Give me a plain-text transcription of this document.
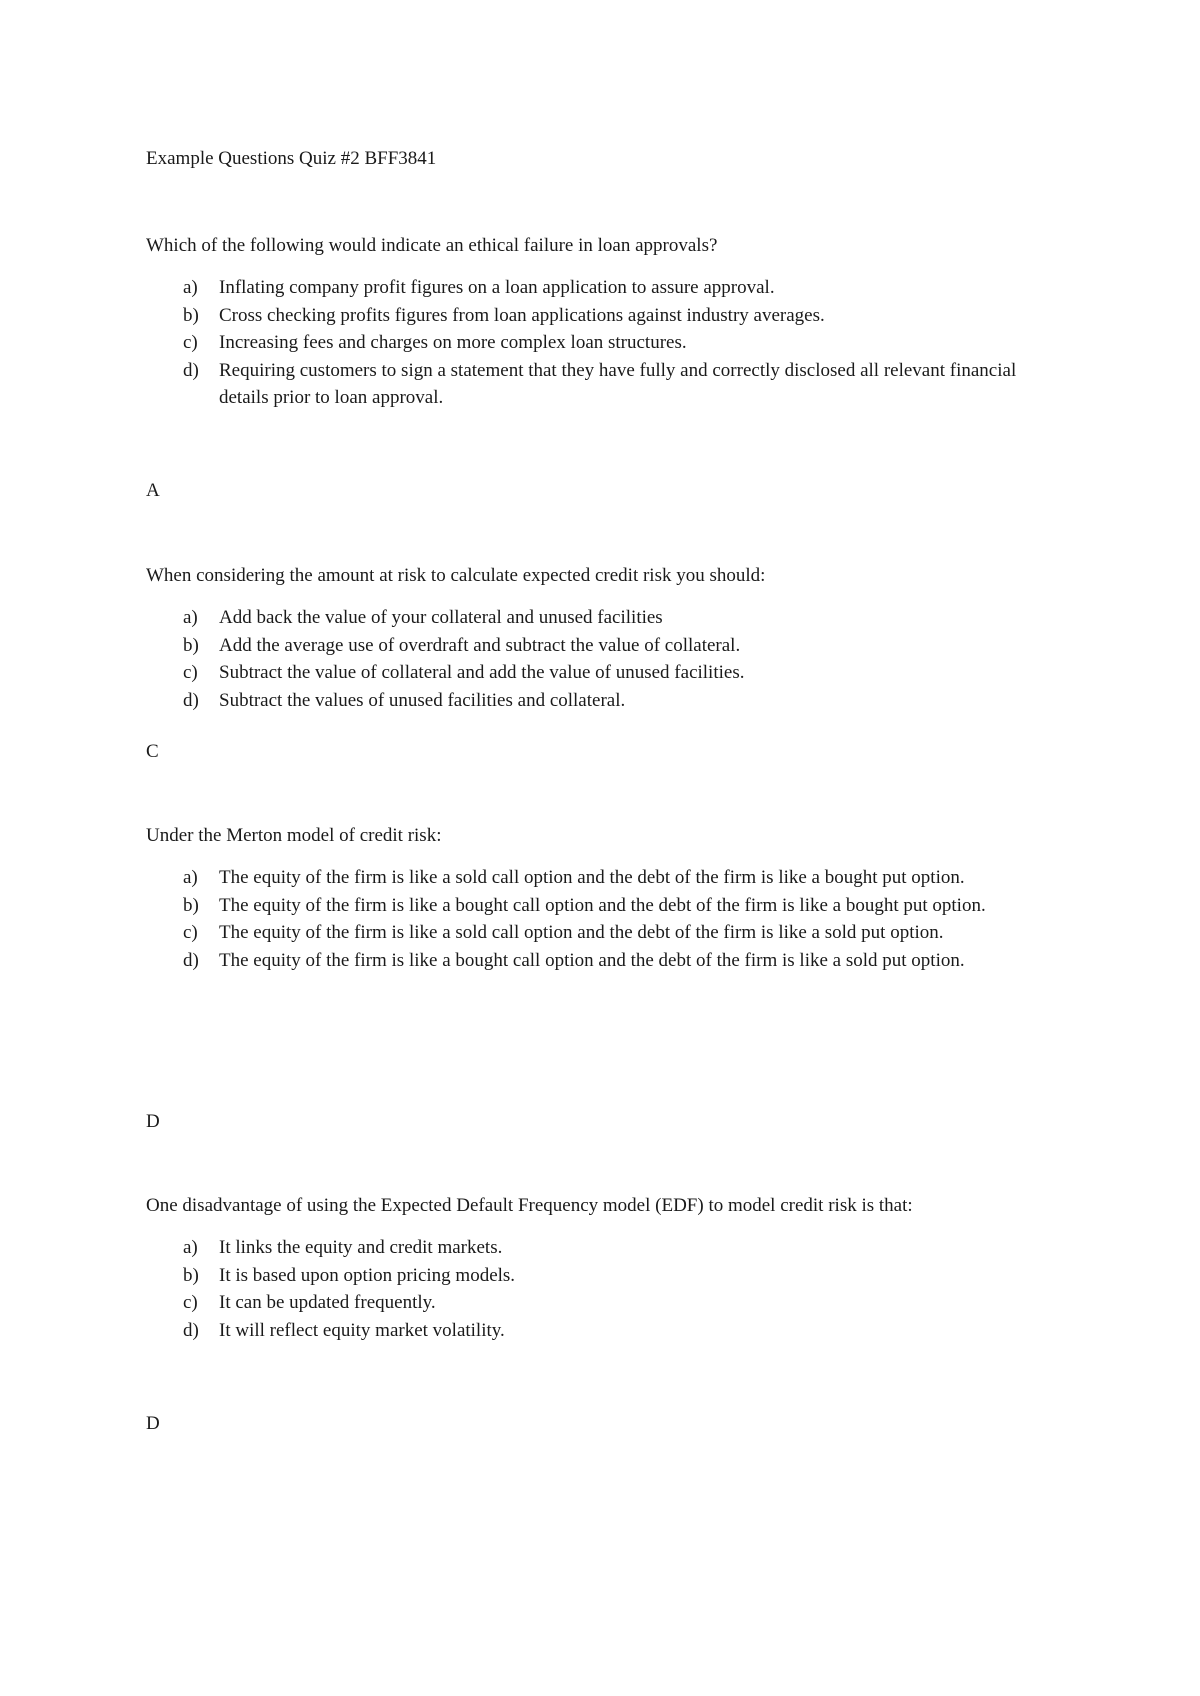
Example Questions Quiz #2 BFF3841
Which of the following would indicate an ethical failure in loan approvals?
a)	Inflating company profit figures on a loan application to assure approval.
b)	Cross checking profits figures from loan applications against industry averages.
c)	Increasing fees and charges on more complex loan structures.
d)	Requiring customers to sign a statement that they have fully and correctly disclosed all relevant financial details prior to loan approval.
A
When considering the amount at risk to calculate expected credit risk you should:
a)	Add back the value of your collateral and unused facilities
b)	Add the average use of overdraft and subtract the value of collateral.
c)	Subtract the value of collateral and add the value of unused facilities.
d)	Subtract the values of unused facilities and collateral.
C
Under the Merton model of credit risk:
a)	The equity of the firm is like a sold call option and the debt of the firm is like a bought put option.
b)	The equity of the firm is like a bought call option and the debt of the firm is like a bought put option.
c)	The equity of the firm is like a sold call option and the debt of the firm is like a sold put option.
d)	The equity of the firm is like a bought call option and the debt of the firm is like a sold put option.
D
One disadvantage of using the Expected Default Frequency model (EDF) to model credit risk is that:
a)	It links the equity and credit markets.
b)	It is based upon option pricing models.
c)	It can be updated frequently.
d)	It will reflect equity market volatility.
D
